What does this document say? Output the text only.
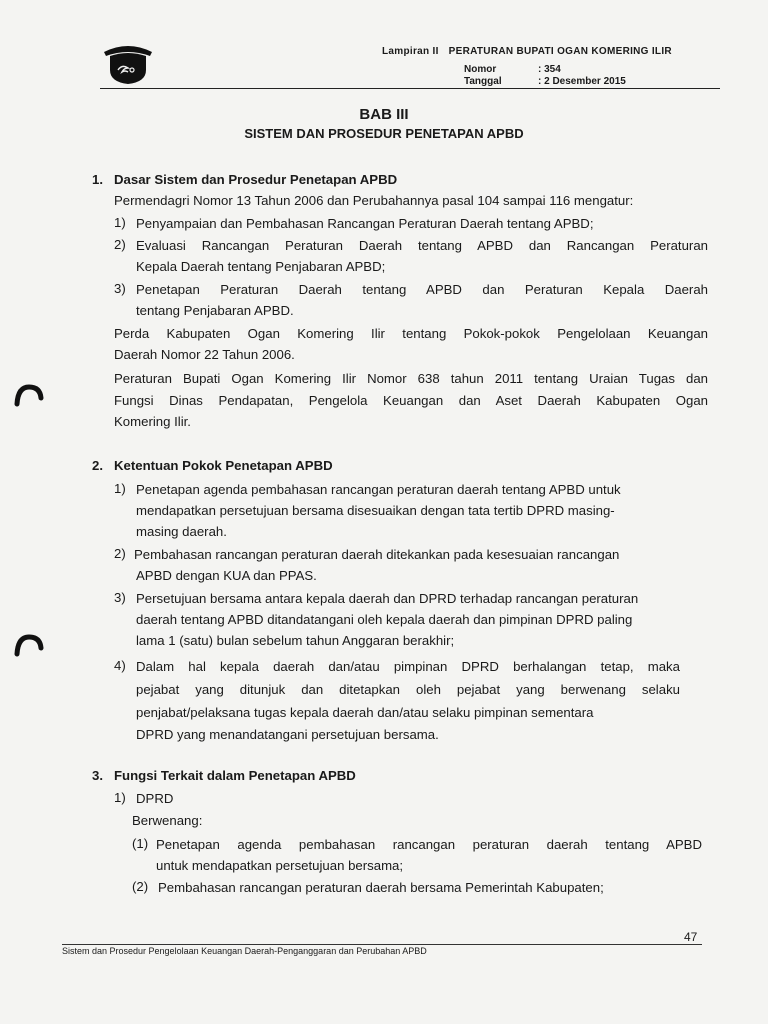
Lampiran II PERATURAN BUPATI OGAN KOMERING ILIR
Nomor	: 354
Tanggal	: 2 Desember 2015
BAB III
SISTEM DAN PROSEDUR PENETAPAN APBD
1. Dasar Sistem dan Prosedur Penetapan APBD
Permendagri Nomor 13 Tahun 2006 dan Perubahannya pasal 104 sampai 116 mengatur:
1) Penyampaian dan Pembahasan Rancangan Peraturan Daerah tentang APBD;
2) Evaluasi Rancangan Peraturan Daerah tentang APBD dan Rancangan Peraturan
Kepala Daerah tentang Penjabaran APBD;
3) Penetapan Peraturan Daerah tentang APBD dan Peraturan Kepala Daerah
tentang Penjabaran APBD.
Perda Kabupaten Ogan Komering Ilir tentang Pokok-pokok Pengelolaan Keuangan
Daerah Nomor 22 Tahun 2006.
Peraturan Bupati Ogan Komering Ilir Nomor 638 tahun 2011 tentang Uraian Tugas dan
Fungsi Dinas Pendapatan, Pengelola Keuangan dan Aset Daerah Kabupaten Ogan
Komering Ilir.
2. Ketentuan Pokok Penetapan APBD
1) Penetapan agenda pembahasan rancangan peraturan daerah tentang APBD untuk
mendapatkan persetujuan bersama disesuaikan dengan tata tertib DPRD masing-
masing daerah.
2) Pembahasan rancangan peraturan daerah ditekankan pada kesesuaian rancangan
APBD dengan KUA dan PPAS.
3) Persetujuan bersama antara kepala daerah dan DPRD terhadap rancangan peraturan
daerah tentang APBD ditandatangani oleh kepala daerah dan pimpinan DPRD paling
lama 1 (satu) bulan sebelum tahun Anggaran berakhir;
4) Dalam hal kepala daerah dan/atau pimpinan DPRD berhalangan tetap, maka
pejabat yang ditunjuk dan ditetapkan oleh pejabat yang berwenang selaku
penjabat/pelaksana tugas kepala daerah dan/atau selaku pimpinan sementara
DPRD yang menandatangani persetujuan bersama.
3. Fungsi Terkait dalam Penetapan APBD
1) DPRD
Berwenang:
(1) Penetapan agenda pembahasan rancangan peraturan daerah tentang APBD
untuk mendapatkan persetujuan bersama;
(2) Pembahasan rancangan peraturan daerah bersama Pemerintah Kabupaten;
47
Sistem dan Prosedur Pengelolaan Keuangan Daerah-Penganggaran dan Perubahan APBD
